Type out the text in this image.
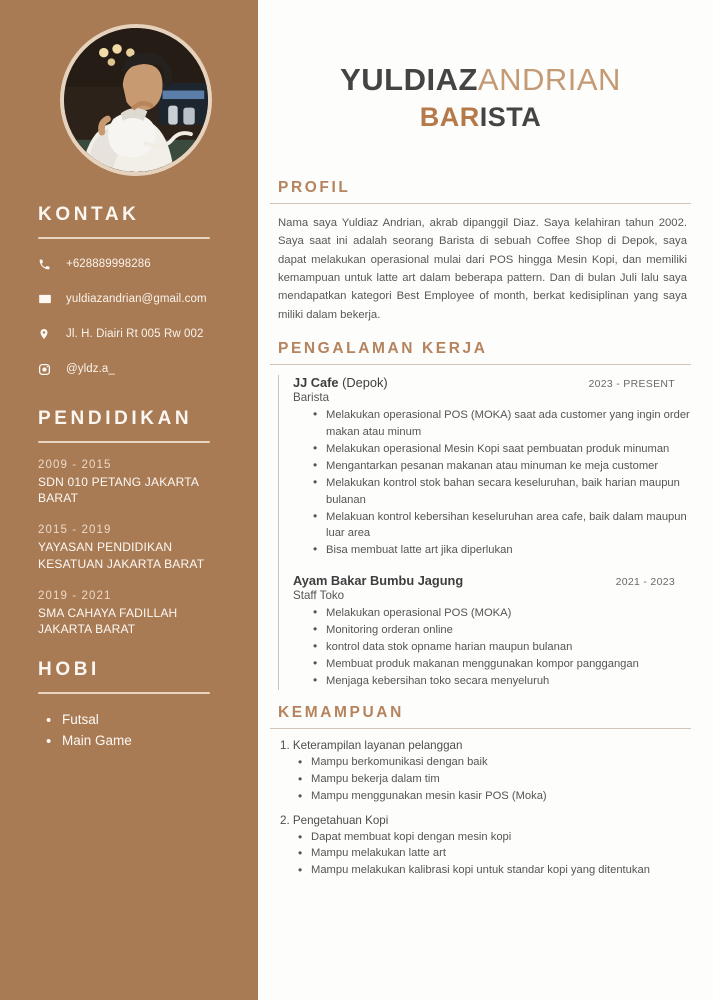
KONTAK
+628889998286
yuldiazandrian@gmail.com
Jl. H. Diairi Rt 005 Rw 002
@yldz.a_
PENDIDIKAN
2009 - 2015
SDN 010 PETANG JAKARTA BARAT
2015 - 2019
YAYASAN PENDIDIKAN KESATUAN JAKARTA BARAT
2019 - 2021
SMA CAHAYA FADILLAH JAKARTA BARAT
HOBI
• Futsal
• Main Game
YULDIAZANDRIAN
BARISTA
PROFIL

Nama saya Yuldiaz Andrian, akrab dipanggil Diaz. Saya kelahiran tahun 2002. Saya saat ini adalah seorang Barista di sebuah Coffee Shop di Depok, saya dapat melakukan operasional mulai dari POS hingga Mesin Kopi, dan memiliki kemampuan untuk latte art dalam beberapa pattern. Dan di bulan Juli lalu saya mendapatkan kategori Best Employee of month, berkat kedisiplinan yang saya miliki dalam bekerja.

PENGALAMAN KERJA
JJ Cafe (Depok)	2023 - PRESENT
Barista
• Melakukan operasional POS (MOKA) saat ada customer yang ingin order makan atau minum
• Melakukan operasional Mesin Kopi saat pembuatan produk minuman
• Mengantarkan pesanan makanan atau minuman ke meja customer
• Melakukan kontrol stok bahan secara keseluruhan, baik harian maupun bulanan
• Melakuan kontrol kebersihan keseluruhan area cafe, baik dalam maupun luar area
• Bisa membuat latte art jika diperlukan
Ayam Bakar Bumbu Jagung	2021 - 2023
Staff Toko
• Melakukan operasional POS (MOKA)
• Monitoring orderan online
• kontrol data stok opname harian maupun bulanan
• Membuat produk makanan menggunakan kompor panggangan
• Menjaga kebersihan toko secara menyeluruh
KEMAMPUAN
1. Keterampilan layanan pelanggan
• Mampu berkomunikasi dengan baik
• Mampu bekerja dalam tim
• Mampu menggunakan mesin kasir POS (Moka)
2. Pengetahuan Kopi
• Dapat membuat kopi dengan mesin kopi
• Mampu melakukan latte art
• Mampu melakukan kalibrasi kopi untuk standar kopi yang ditentukan
